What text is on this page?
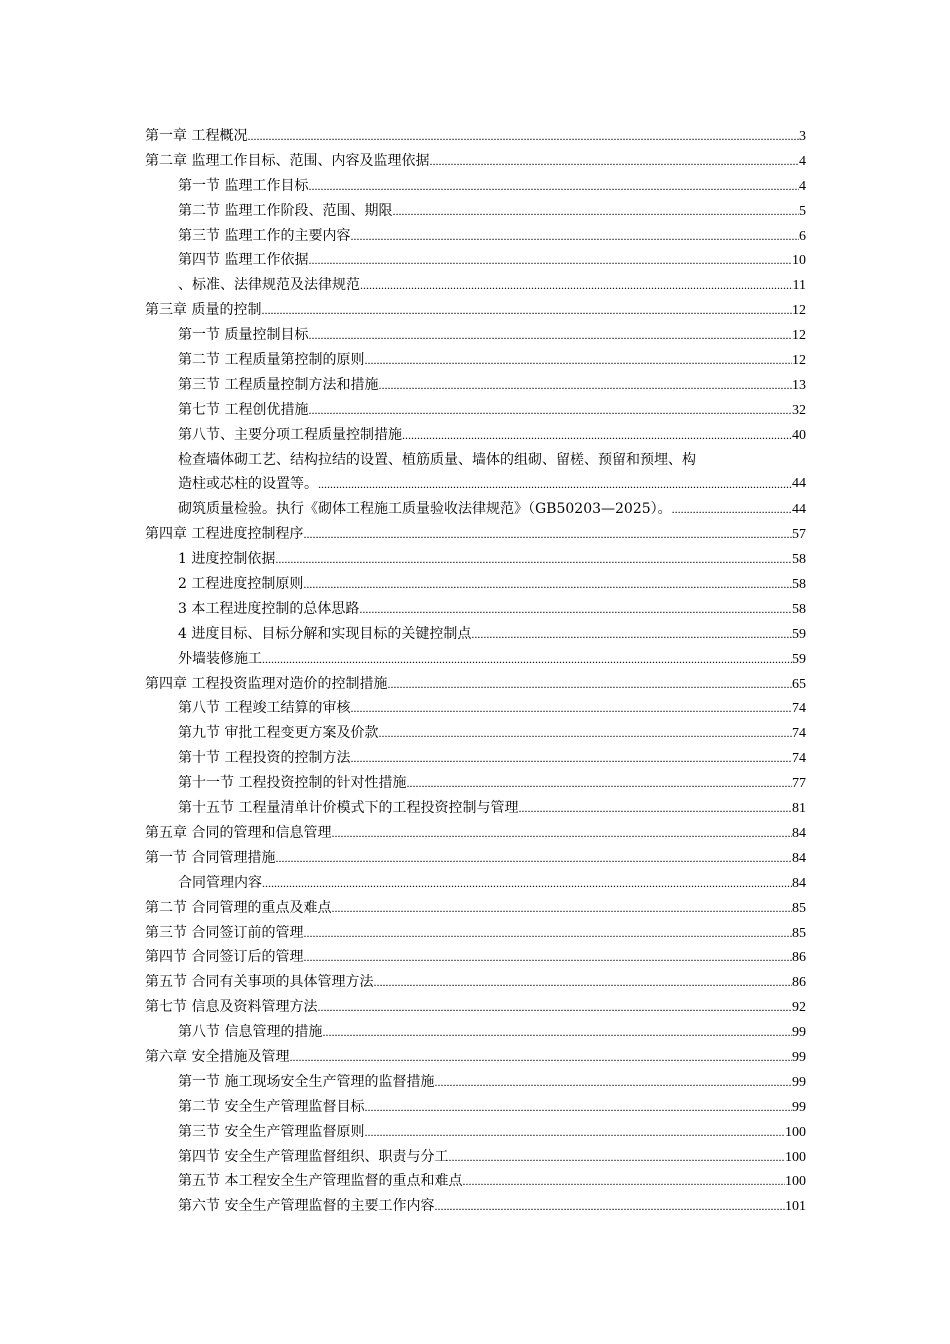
第一章 工程概况 .....	3
第二章 监理工作目标、范围、内容及监理依据 .....	4
第一节 监理工作目标 .....	4
第二节 监理工作阶段、范围、期限 .....	5
第三节 监理工作的主要内容 .....	6
第四节 监理工作依据 .....	10
、标准、法律规范及法律规范 .....	11
第三章 质量的控制 .....	12
第一节 质量控制目标 .....	12
第二节 工程质量第控制的原则 .....	12
第三节 工程质量控制方法和措施 .....	13
第七节 工程创优措施 .....	32
第八节、主要分项工程质量控制措施 .....	40
检查墙体砌工艺、结构拉结的设置、植筋质量、墙体的组砌、留槎、预留和预埋、构
造柱或芯柱的设置等。 .....	44
砌筑质量检验。执行《砌体工程施工质量验收法律规范》（GB50203—2025）。 .....	44
第四章 工程进度控制程序 .....	57
1 进度控制依据 .....	58
2 工程进度控制原则 .....	58
3 本工程进度控制的总体思路 .....	58
4 进度目标、目标分解和实现目标的关键控制点 .....	59
外墙装修施工 .....	59
第四章 工程投资监理对造价的控制措施 .....	65
第八节 工程竣工结算的审核 .....	74
第九节 审批工程变更方案及价款 .....	74
第十节 工程投资的控制方法 .....	74
第十一节 工程投资控制的针对性措施 .....	77
第十五节 工程量清单计价模式下的工程投资控制与管理 .....	81
第五章 合同的管理和信息管理 .....	84
第一节 合同管理措施 .....	84
合同管理内容 .....	84
第二节 合同管理的重点及难点 .....	85
第三节 合同签订前的管理 .....	85
第四节 合同签订后的管理 .....	86
第五节 合同有关事项的具体管理方法 .....	86
第七节 信息及资料管理方法 .....	92
第八节 信息管理的措施 .....	99
第六章 安全措施及管理 .....	99
第一节 施工现场安全生产管理的监督措施 .....	99
第二节 安全生产管理监督目标 .....	99
第三节 安全生产管理监督原则 .....	100
第四节 安全生产管理监督组织、职责与分工 .....	100
第五节 本工程安全生产管理监督的重点和难点 .....	100
第六节 安全生产管理监督的主要工作内容 .....	101
